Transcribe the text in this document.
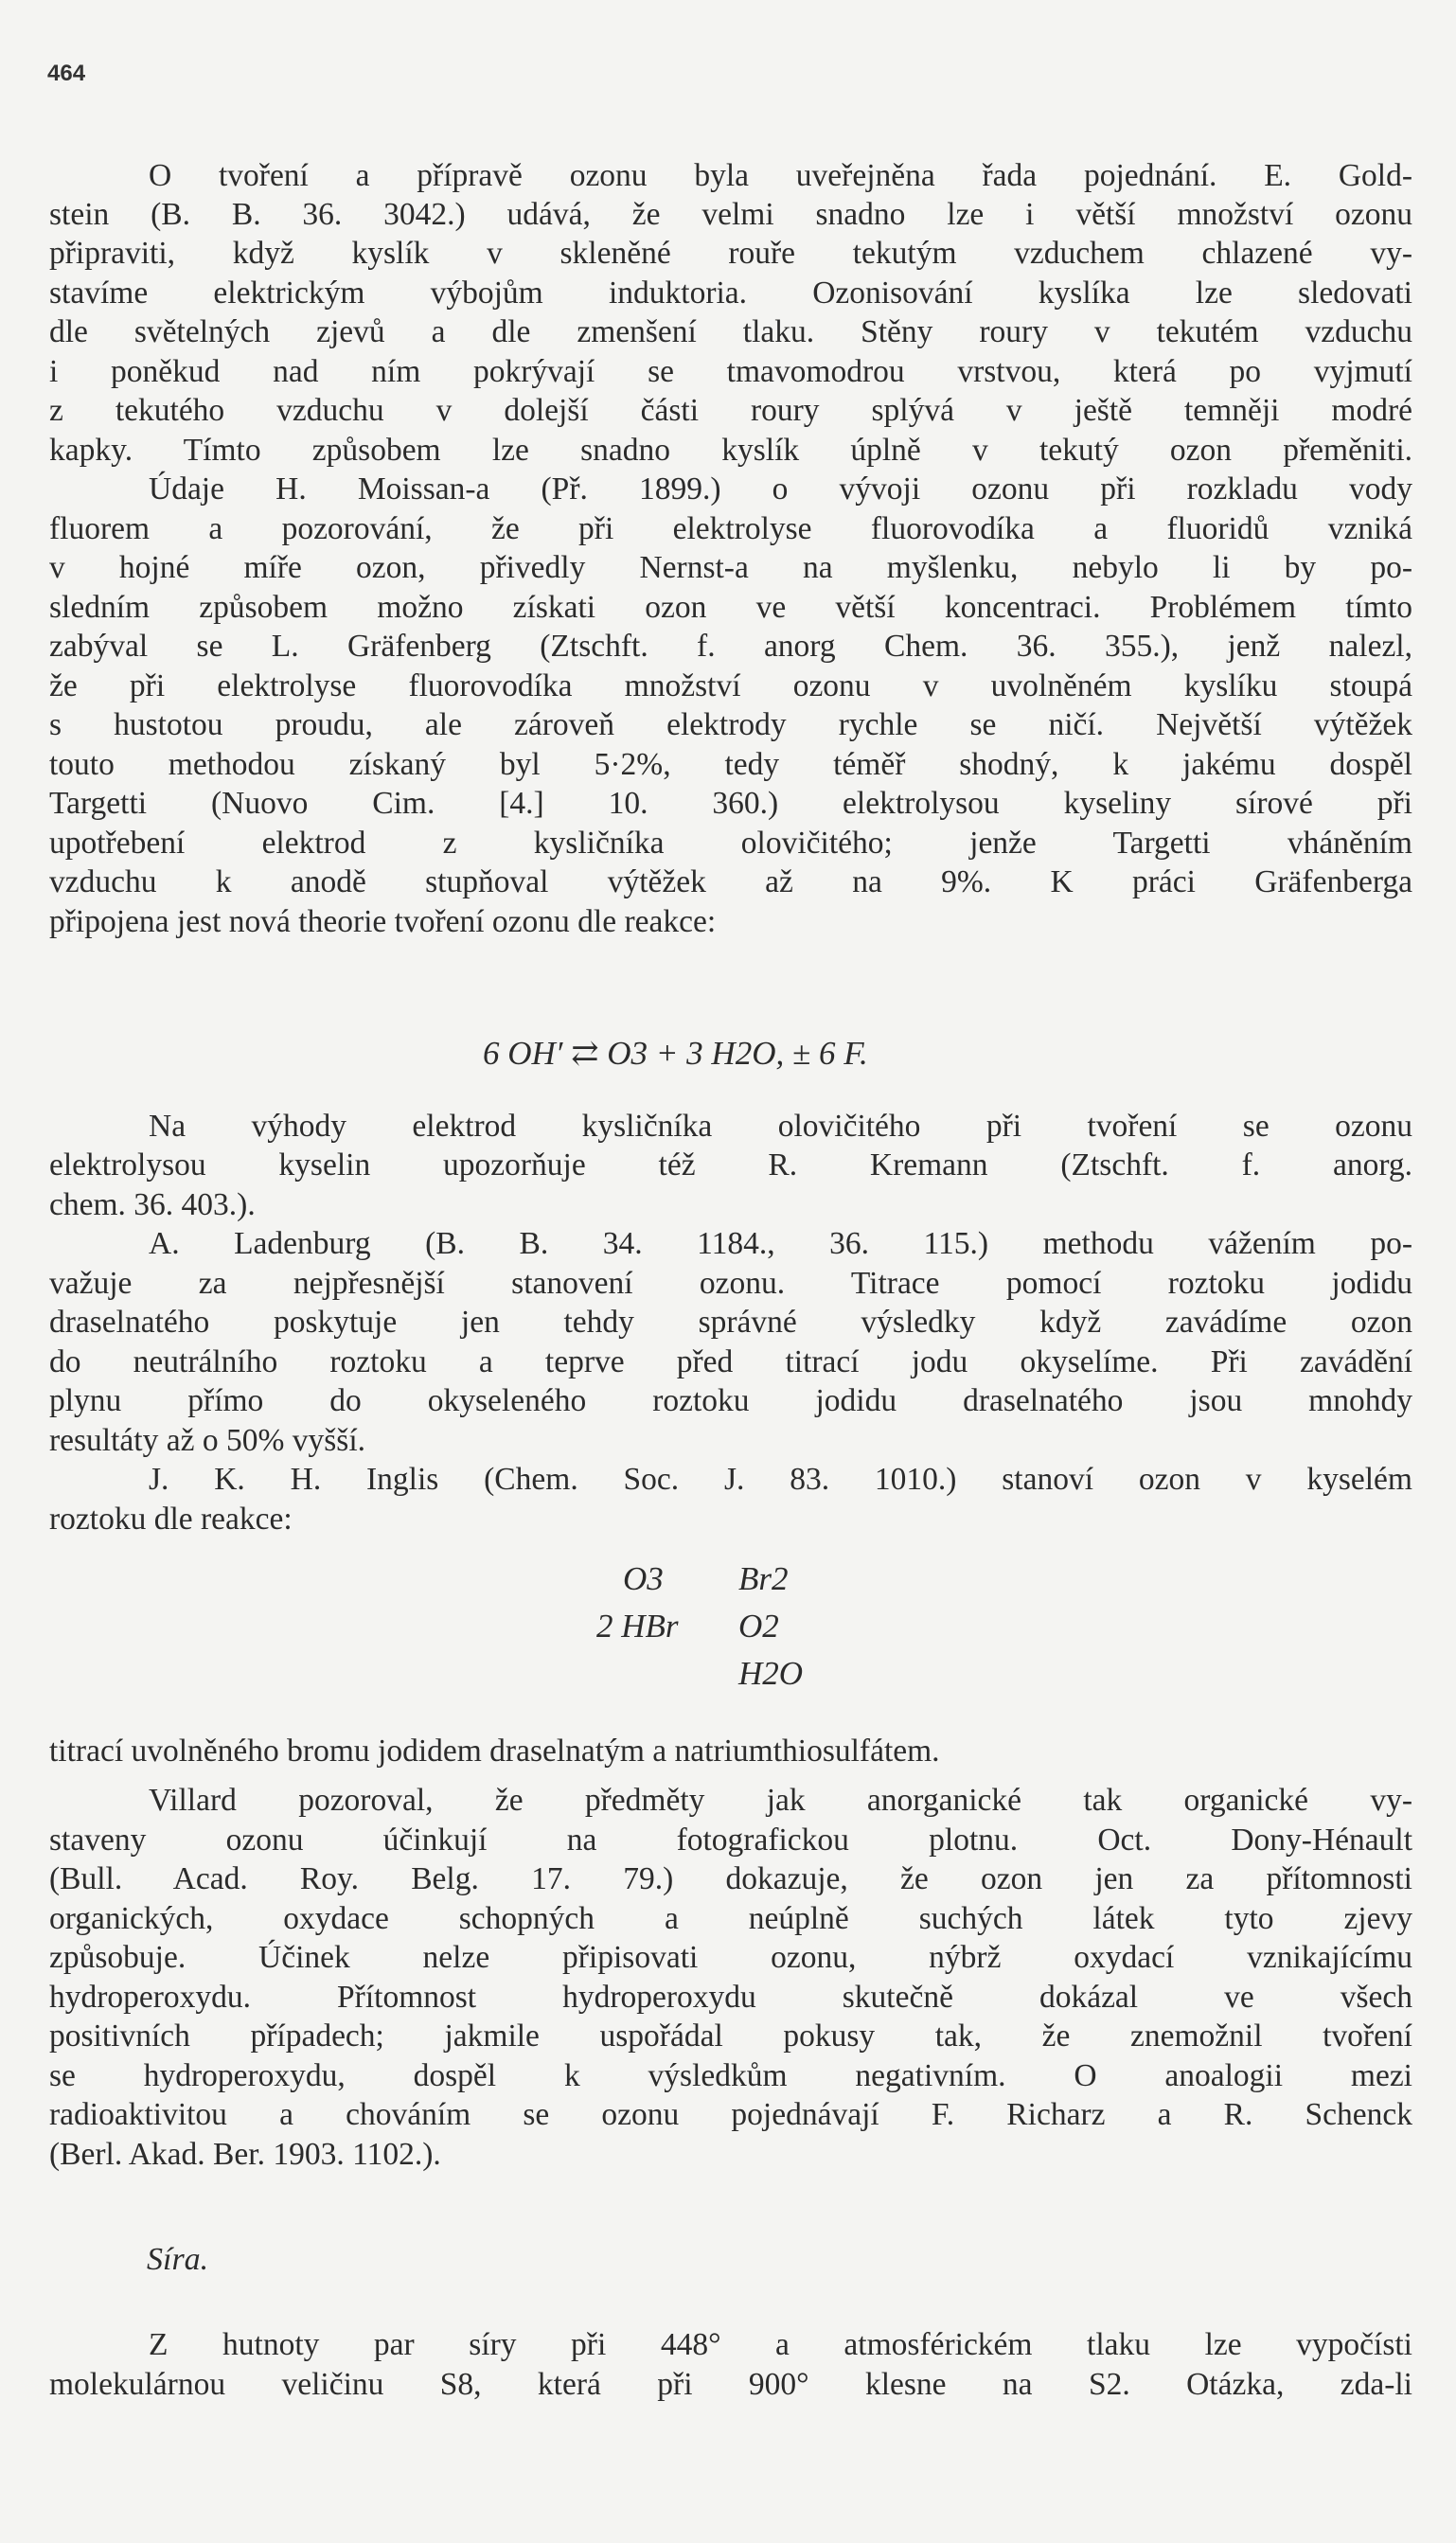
464
O tvoření a přípravě ozonu byla uveřejněna řada pojednání. E. Gold-
stein (B. B. 36. 3042.) udává, že velmi snadno lze i větší množství ozonu
připraviti, když kyslík v skleněné rouře tekutým vzduchem chlazené vy-
stavíme elektrickým výbojům induktoria. Ozonisování kyslíka lze sledovati
dle světelných zjevů a dle zmenšení tlaku. Stěny roury v tekutém vzduchu
i poněkud nad ním pokrývají se tmavomodrou vrstvou, která po vyjmutí
z tekutého vzduchu v dolejší části roury splývá v ještě temněji modré
kapky. Tímto způsobem lze snadno kyslík úplně v tekutý ozon přeměniti.
Údaje H. Moissan-a (Př. 1899.) o vývoji ozonu při rozkladu vody
fluorem a pozorování, že při elektrolyse fluorovodíka a fluoridů vzniká
v hojné míře ozon, přivedly Nernst-a na myšlenku, nebylo li by po-
sledním způsobem možno získati ozon ve větší koncentraci. Problémem tímto
zabýval se L. Gräfenberg (Ztschft. f. anorg Chem. 36. 355.), jenž nalezl,
že při elektrolyse fluorovodíka množství ozonu v uvolněném kyslíku stoupá
s hustotou proudu, ale zároveň elektrody rychle se ničí. Největší výtěžek
touto methodou získaný byl 5·2%, tedy téměř shodný, k jakému dospěl
Targetti (Nuovo Cim. [4.] 10. 360.) elektrolysou kyseliny sírové při
upotřebení elektrod z kysličníka olovičitého; jenže Targetti vháněním
vzduchu k anodě stupňoval výtěžek až na 9%. K práci Gräfenberga
připojena jest nová theorie tvoření ozonu dle reakce:
6 OH′ ⇄ O3 + 3 H2O, ± 6 F.
Na výhody elektrod kysličníka olovičitého při tvoření se ozonu
elektrolysou kyselin upozorňuje též R. Kremann (Ztschft. f. anorg.
chem. 36. 403.).
A. Ladenburg (B. B. 34. 1184., 36. 115.) methodu vážením po-
važuje za nejpřesnější stanovení ozonu. Titrace pomocí roztoku jodidu
draselnatého poskytuje jen tehdy správné výsledky když zavádíme ozon
do neutrálního roztoku a teprve před titrací jodu okyselíme. Při zavádění
plynu přímo do okyseleného roztoku jodidu draselnatého jsou mnohdy
resultáty až o 50% vyšší.
J. K. H. Inglis (Chem. Soc. J. 83. 1010.) stanoví ozon v kyselém
roztoku dle reakce:
O3
2 HBr
Br2
O2
H2O
titrací uvolněného bromu jodidem draselnatým a natriumthiosulfátem.
Villard pozoroval, že předměty jak anorganické tak organické vy-
staveny ozonu účinkují na fotografickou plotnu. Oct. Dony-Hénault
(Bull. Acad. Roy. Belg. 17. 79.) dokazuje, že ozon jen za přítomnosti
organických, oxydace schopných a neúplně suchých látek tyto zjevy
způsobuje. Účinek nelze připisovati ozonu, nýbrž oxydací vznikajícímu
hydroperoxydu. Přítomnost hydroperoxydu skutečně dokázal ve všech
positivních případech; jakmile uspořádal pokusy tak, že znemožnil tvoření
se hydroperoxydu, dospěl k výsledkům negativním. O anoalogii mezi
radioaktivitou a chováním se ozonu pojednávají F. Richarz a R. Schenck
(Berl. Akad. Ber. 1903. 1102.).
Síra.
Z hutnoty par síry při 448° a atmosférickém tlaku lze vypočísti
molekulárnou veličinu S8, která při 900° klesne na S2. Otázka, zda-li
